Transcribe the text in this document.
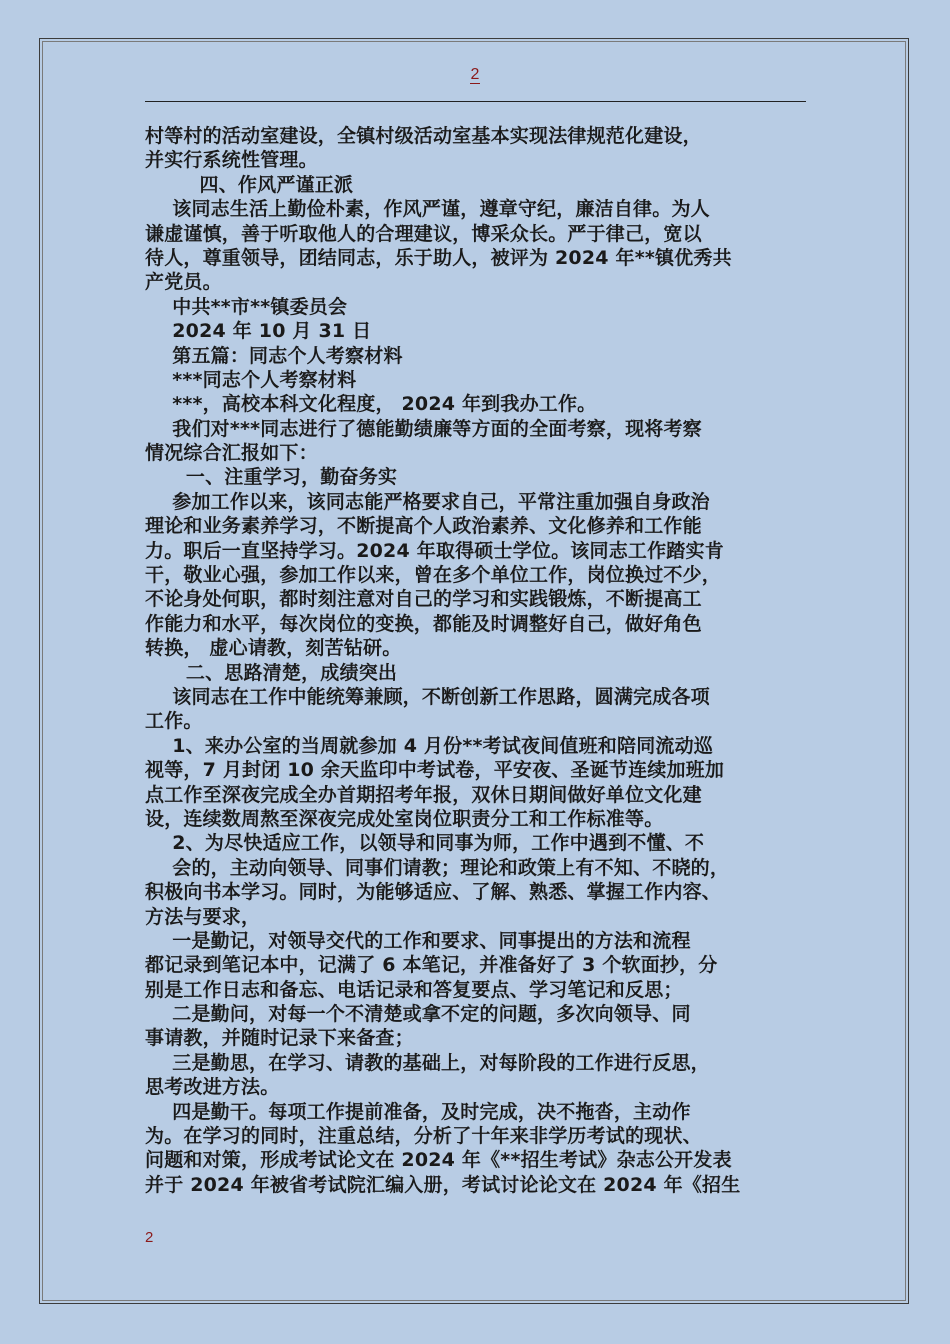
2
村等村的活动室建设，全镇村级活动室基本实现法律规范化建设，
并实行系统性管理。
四、作风严谨正派
该同志生活上勤俭朴素，作风严谨，遵章守纪，廉洁自律。为人
谦虚谨慎，善于听取他人的合理建议，博采众长。严于律己，宽以
待人，尊重领导，团结同志，乐于助人，被评为 2024 年**镇优秀共
产党员。
中共**市**镇委员会
2024 年 10 月 31 日
第五篇：同志个人考察材料
***同志个人考察材料
***，高校本科文化程度， 2024 年到我办工作。
我们对***同志进行了德能勤绩廉等方面的全面考察，现将考察
情况综合汇报如下：
一、注重学习，勤奋务实
参加工作以来，该同志能严格要求自己，平常注重加强自身政治
理论和业务素养学习，不断提高个人政治素养、文化修养和工作能
力。职后一直坚持学习。2024 年取得硕士学位。该同志工作踏实肯
干，敬业心强，参加工作以来，曾在多个单位工作，岗位换过不少，
不论身处何职，都时刻注意对自己的学习和实践锻炼，不断提高工
作能力和水平，每次岗位的变换，都能及时调整好自己，做好角色
转换， 虚心请教，刻苦钻研。
二、思路清楚，成绩突出
该同志在工作中能统筹兼顾，不断创新工作思路，圆满完成各项
工作。
1、来办公室的当周就参加 4 月份**考试夜间值班和陪同流动巡
视等，7 月封闭 10 余天监印中考试卷，平安夜、圣诞节连续加班加
点工作至深夜完成全办首期招考年报，双休日期间做好单位文化建
设，连续数周熬至深夜完成处室岗位职责分工和工作标准等。
2、为尽快适应工作，以领导和同事为师，工作中遇到不懂、不
会的，主动向领导、同事们请教；理论和政策上有不知、不晓的，
积极向书本学习。同时，为能够适应、了解、熟悉、掌握工作内容、
方法与要求，
一是勤记，对领导交代的工作和要求、同事提出的方法和流程
都记录到笔记本中，记满了 6 本笔记，并准备好了 3 个软面抄，分
别是工作日志和备忘、电话记录和答复要点、学习笔记和反思；
二是勤问，对每一个不清楚或拿不定的问题，多次向领导、同
事请教，并随时记录下来备查；
三是勤思，在学习、请教的基础上，对每阶段的工作进行反思，
思考改进方法。
四是勤干。每项工作提前准备，及时完成，决不拖沓，主动作
为。在学习的同时，注重总结，分析了十年来非学历考试的现状、
问题和对策，形成考试论文在 2024 年《**招生考试》杂志公开发表
并于 2024 年被省考试院汇编入册，考试讨论论文在 2024 年《招生
2
